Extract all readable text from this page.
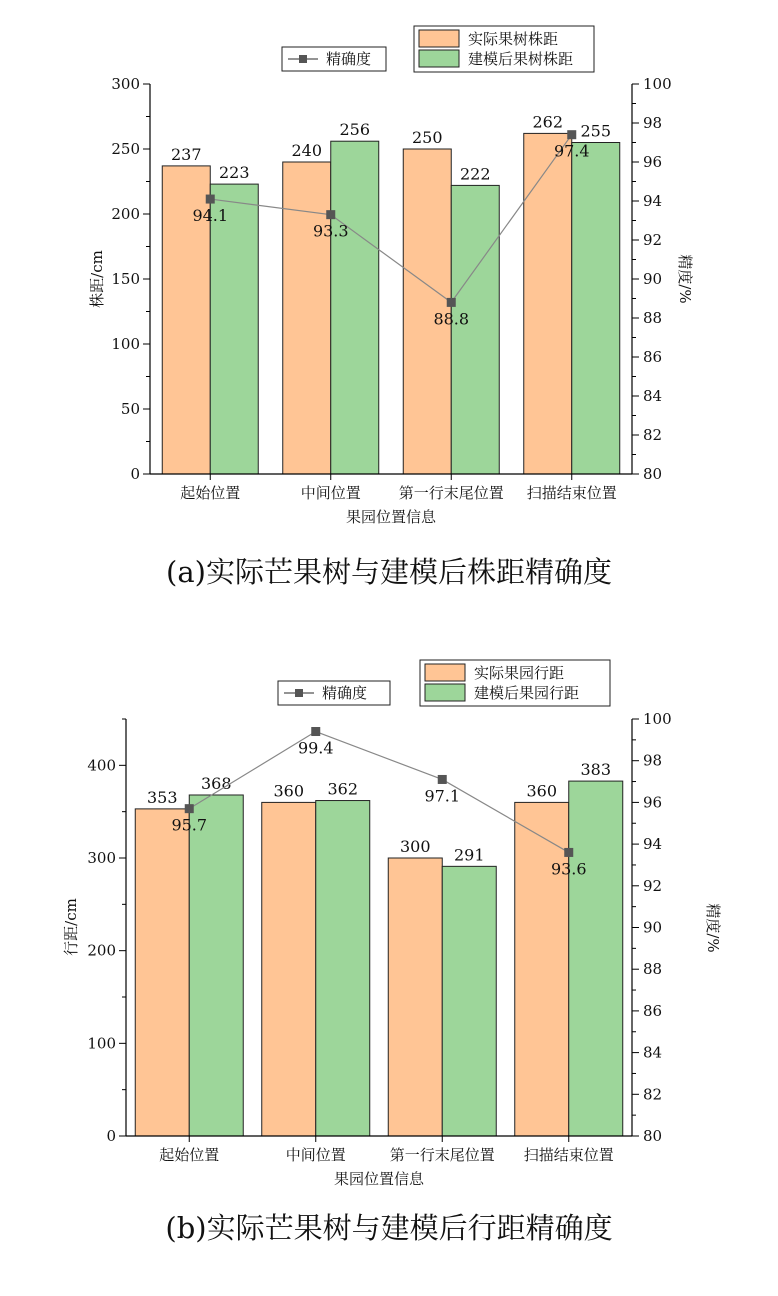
237	240
250
262
223
256
222
255
94.1
93.3
88.8
97.4
0
50
100
150
200
250
300
80
82
84
86
88
90
92
94
96
98
100
起始位置	中间位置	第一行末尾位置 扫描结束位置
株距/cm	精度/%
果园位置信息
精确度
实际果树株距
建模后果树株距
(a)实际芒果树与建模后株距精确度
353	360
300
360
368	362
291
383
95.7
99.4
97.1
93.6
0
100
200
300
400
80
82
84
86
88
90
92
94
96
98
100
起始位置	中间位置	第一行末尾位置 扫描结束位置
行距/cm	精度/%
果园位置信息
精确度
实际果园行距
建模后果园行距
(b)实际芒果树与建模后行距精确度
